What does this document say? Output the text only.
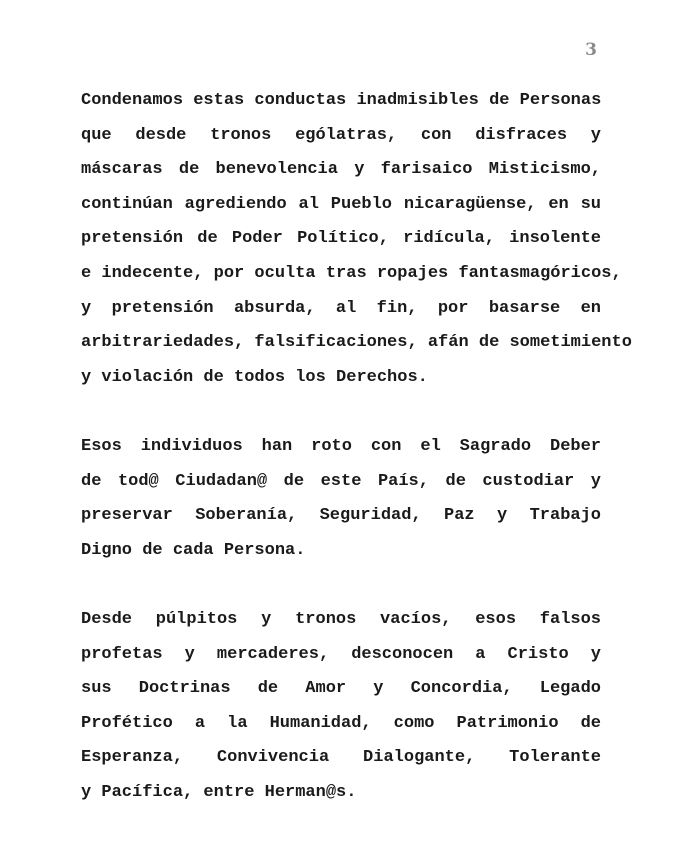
3
Condenamos estas conductas inadmisibles de Personas
que desde tronos ególatras, con disfraces y
máscaras de benevolencia y farisaico Misticismo,
continúan agrediendo al Pueblo nicaragüense, en su
pretensión de Poder Político, ridícula, insolente
e indecente, por oculta tras ropajes fantasmagóricos,
y pretensión absurda, al fin, por basarse en
arbitrariedades, falsificaciones, afán de sometimiento
y violación de todos los Derechos.
Esos individuos han roto con el Sagrado Deber
de tod@ Ciudadan@ de este País, de custodiar y
preservar Soberanía, Seguridad, Paz y Trabajo
Digno de cada Persona.
Desde púlpitos y tronos vacíos, esos falsos
profetas y mercaderes, desconocen a Cristo y
sus Doctrinas de Amor y Concordia, Legado
Profético a la Humanidad, como Patrimonio de
Esperanza, Convivencia Dialogante, Tolerante
y Pacífica, entre Herman@s.
